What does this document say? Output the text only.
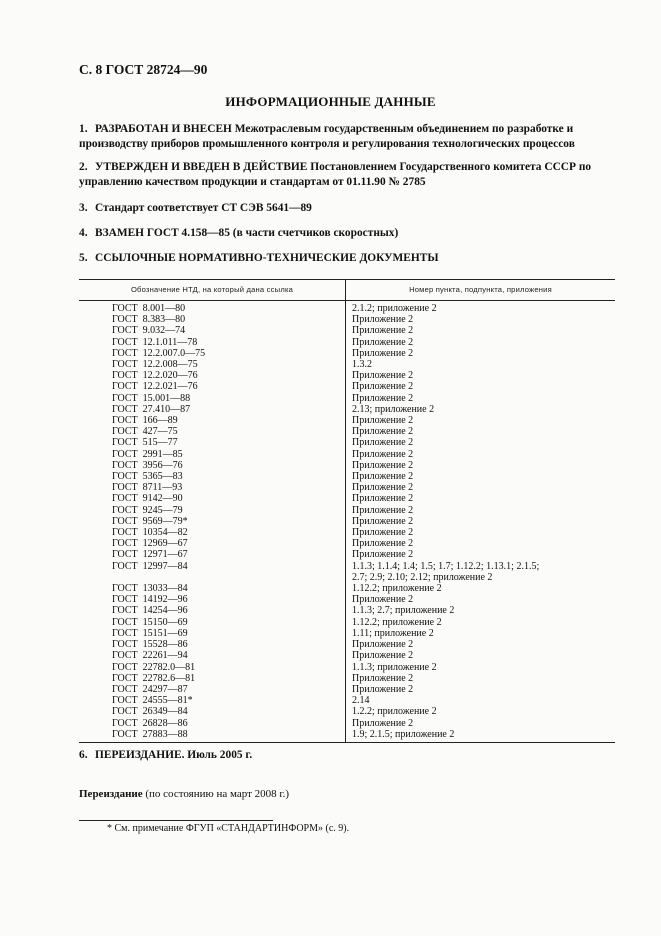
С. 8 ГОСТ 28724—90
ИНФОРМАЦИОННЫЕ ДАННЫЕ
1. РАЗРАБОТАН И ВНЕСЕН Межотраслевым государственным объединением по разработке и
производству приборов промышленного контроля и регулирования технологических процессов
2. УТВЕРЖДЕН И ВВЕДЕН В ДЕЙСТВИЕ Постановлением Государственного комитета СССР по
управлению качеством продукции и стандартам от 01.11.90 № 2785
3. Стандарт соответствует СТ СЭВ 5641—89
4. ВЗАМЕН ГОСТ 4.158—85 (в части счетчиков скоростных)
5. ССЫЛОЧНЫЕ НОРМАТИВНО-ТЕХНИЧЕСКИЕ ДОКУМЕНТЫ
Обозначение НТД, на который дана ссылка	Номер пункта, подпункта, приложения
ГОСТ  8.001—80
ГОСТ  8.383—80
ГОСТ  9.032—74
ГОСТ  12.1.011—78
ГОСТ  12.2.007.0—75
ГОСТ  12.2.008—75
ГОСТ  12.2.020—76
ГОСТ  12.2.021—76
ГОСТ  15.001—88
ГОСТ  27.410—87
ГОСТ  166—89
ГОСТ  427—75
ГОСТ  515—77
ГОСТ  2991—85
ГОСТ  3956—76
ГОСТ  5365—83
ГОСТ  8711—93
ГОСТ  9142—90
ГОСТ  9245—79
ГОСТ  9569—79*
ГОСТ  10354—82
ГОСТ  12969—67
ГОСТ  12971—67
ГОСТ  12997—84

ГОСТ  13033—84
ГОСТ  14192—96
ГОСТ  14254—96
ГОСТ  15150—69
ГОСТ  15151—69
ГОСТ  15528—86
ГОСТ  22261—94
ГОСТ  22782.0—81
ГОСТ  22782.6—81
ГОСТ  24297—87
ГОСТ  24555—81*
ГОСТ  26349—84
ГОСТ  26828—86
ГОСТ  27883—88
2.1.2; приложение 2
Приложение 2
Приложение 2
Приложение 2
Приложение 2
1.3.2
Приложение 2
Приложение 2
Приложение 2
2.13; приложение 2
Приложение 2
Приложение 2
Приложение 2
Приложение 2
Приложение 2
Приложение 2
Приложение 2
Приложение 2
Приложение 2
Приложение 2
Приложение 2
Приложение 2
Приложение 2
1.1.3; 1.1.4; 1.4; 1.5; 1.7; 1.12.2; 1.13.1; 2.1.5;
2.7; 2.9; 2.10; 2.12; приложение 2
1.12.2; приложение 2
Приложение 2
1.1.3; 2.7; приложение 2
1.12.2; приложение 2
1.11; приложение 2
Приложение 2
Приложение 2
1.1.3; приложение 2
Приложение 2
Приложение 2
2.14
1.2.2; приложение 2
Приложение 2
1.9; 2.1.5; приложение 2
6. ПЕРЕИЗДАНИЕ. Июль 2005 г.
Переиздание (по состоянию на март 2008 г.)
* См. примечание ФГУП «СТАНДАРТИНФОРМ» (с. 9).
